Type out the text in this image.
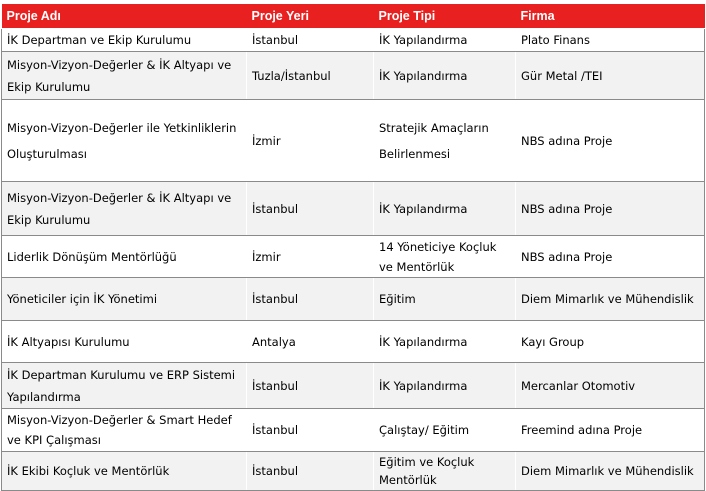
Proje Adı	Proje Yeri	Proje Tipi	Firma
İK Departman ve Ekip Kurulumu	İstanbul	İK Yapılandırma	Plato Finans
Misyon-Vizyon-Değerler & İK Altyapı ve Ekip Kurulumu	Tuzla/İstanbul	İK Yapılandırma	Gür Metal /TEI
Misyon-Vizyon-Değerler ile Yetkinliklerin Oluşturulması	İzmir	Stratejik Amaçların Belirlenmesi	NBS adına Proje
Misyon-Vizyon-Değerler & İK Altyapı ve Ekip Kurulumu	İstanbul	İK Yapılandırma	NBS adına Proje
Liderlik Dönüşüm Mentörlüğü	İzmir	14 Yöneticiye Koçluk ve Mentörlük	NBS adına Proje
Yöneticiler için İK Yönetimi	İstanbul	Eğitim	Diem Mimarlık ve Mühendislik
İK Altyapısı Kurulumu	Antalya	İK Yapılandırma	Kayı Group
İK Departman Kurulumu ve ERP Sistemi Yapılandırma	İstanbul	İK Yapılandırma	Mercanlar Otomotiv
Misyon-Vizyon-Değerler & Smart Hedef ve KPI Çalışması	İstanbul	Çalıştay/ Eğitim	Freemind adına Proje
İK Ekibi Koçluk ve Mentörlük	İstanbul	Eğitim ve Koçluk Mentörlük	Diem Mimarlık ve Mühendislik
